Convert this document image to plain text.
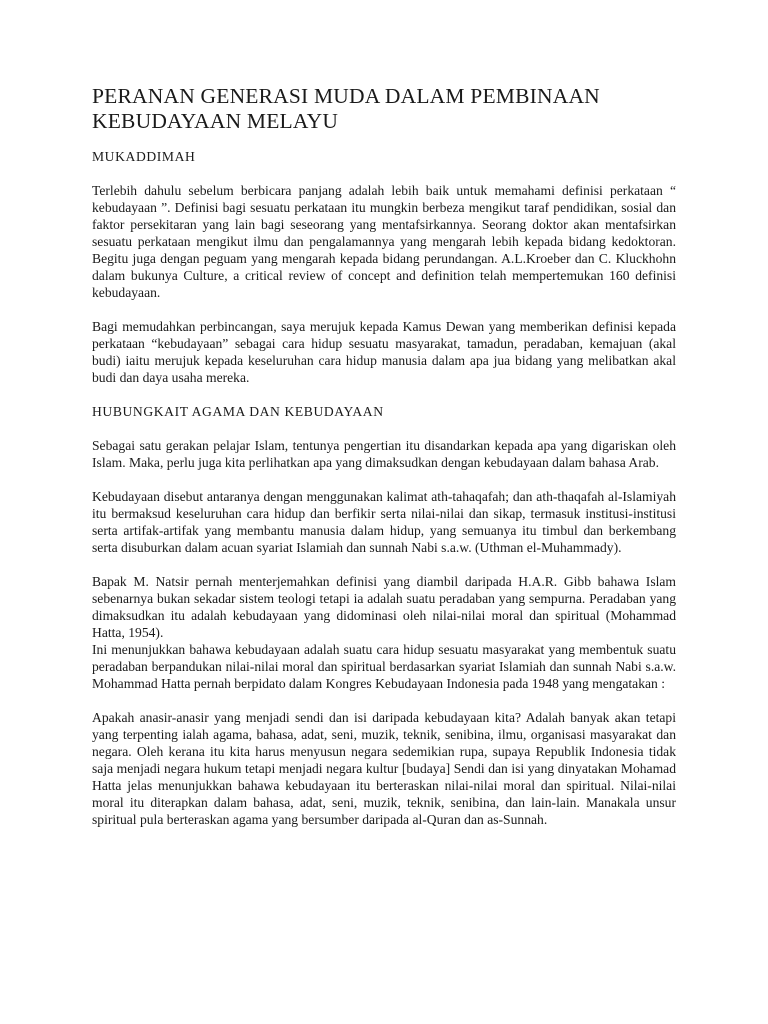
PERANAN GENERASI MUDA DALAM PEMBINAAN KEBUDAYAAN MELAYU
MUKADDIMAH

Terlebih dahulu sebelum berbicara panjang adalah lebih baik untuk memahami definisi perkataan “ kebudayaan ”. Definisi bagi sesuatu perkataan itu mungkin berbeza mengikut taraf pendidikan, sosial dan faktor persekitaran yang lain bagi seseorang yang mentafsirkannya. Seorang doktor akan mentafsirkan sesuatu perkataan mengikut ilmu dan pengalamannya yang mengarah lebih kepada bidang kedoktoran. Begitu juga dengan peguam yang mengarah kepada bidang perundangan. A.L.Kroeber dan C. Kluckhohn dalam bukunya Culture, a critical review of concept and definition telah mempertemukan 160 definisi kebudayaan.

Bagi memudahkan perbincangan, saya merujuk kepada Kamus Dewan yang memberikan definisi kepada perkataan “kebudayaan” sebagai cara hidup sesuatu masyarakat, tamadun, peradaban, kemajuan (akal budi) iaitu merujuk kepada keseluruhan cara hidup manusia dalam apa jua bidang yang melibatkan akal budi dan daya usaha mereka.

HUBUNGKAIT AGAMA DAN KEBUDAYAAN

Sebagai satu gerakan pelajar Islam, tentunya pengertian itu disandarkan kepada apa yang digariskan oleh Islam. Maka, perlu juga kita perlihatkan apa yang dimaksudkan dengan kebudayaan dalam bahasa Arab.

Kebudayaan disebut antaranya dengan menggunakan kalimat ath-tahaqafah; dan ath-thaqafah al-Islamiyah itu bermaksud keseluruhan cara hidup dan berfikir serta nilai-nilai dan sikap, termasuk institusi-institusi serta artifak-artifak yang membantu manusia dalam hidup, yang semuanya itu timbul dan berkembang serta disuburkan dalam acuan syariat Islamiah dan sunnah Nabi s.a.w. (Uthman el-Muhammady).

Bapak M. Natsir pernah menterjemahkan definisi yang diambil daripada H.A.R. Gibb bahawa Islam sebenarnya bukan sekadar sistem teologi tetapi ia adalah suatu peradaban yang sempurna. Peradaban yang dimaksudkan itu adalah kebudayaan yang didominasi oleh nilai-nilai moral dan spiritual (Mohammad Hatta, 1954).

Ini menunjukkan bahawa kebudayaan adalah suatu cara hidup sesuatu masyarakat yang membentuk suatu peradaban berpandukan nilai-nilai moral dan spiritual berdasarkan syariat Islamiah dan sunnah Nabi s.a.w. Mohammad Hatta pernah berpidato dalam Kongres Kebudayaan Indonesia pada 1948 yang mengatakan :

Apakah anasir-anasir yang menjadi sendi dan isi daripada kebudayaan kita? Adalah banyak akan tetapi yang terpenting ialah agama, bahasa, adat, seni, muzik, teknik, senibina, ilmu, organisasi masyarakat dan negara. Oleh kerana itu kita harus menyusun negara sedemikian rupa, supaya Republik Indonesia tidak saja menjadi negara hukum tetapi menjadi negara kultur [budaya] Sendi dan isi yang dinyatakan Mohamad Hatta jelas menunjukkan bahawa kebudayaan itu berteraskan nilai-nilai moral dan spiritual. Nilai-nilai moral itu diterapkan dalam bahasa, adat, seni, muzik, teknik, senibina, dan lain-lain. Manakala unsur spiritual pula berteraskan agama yang bersumber daripada al-Quran dan as-Sunnah.
